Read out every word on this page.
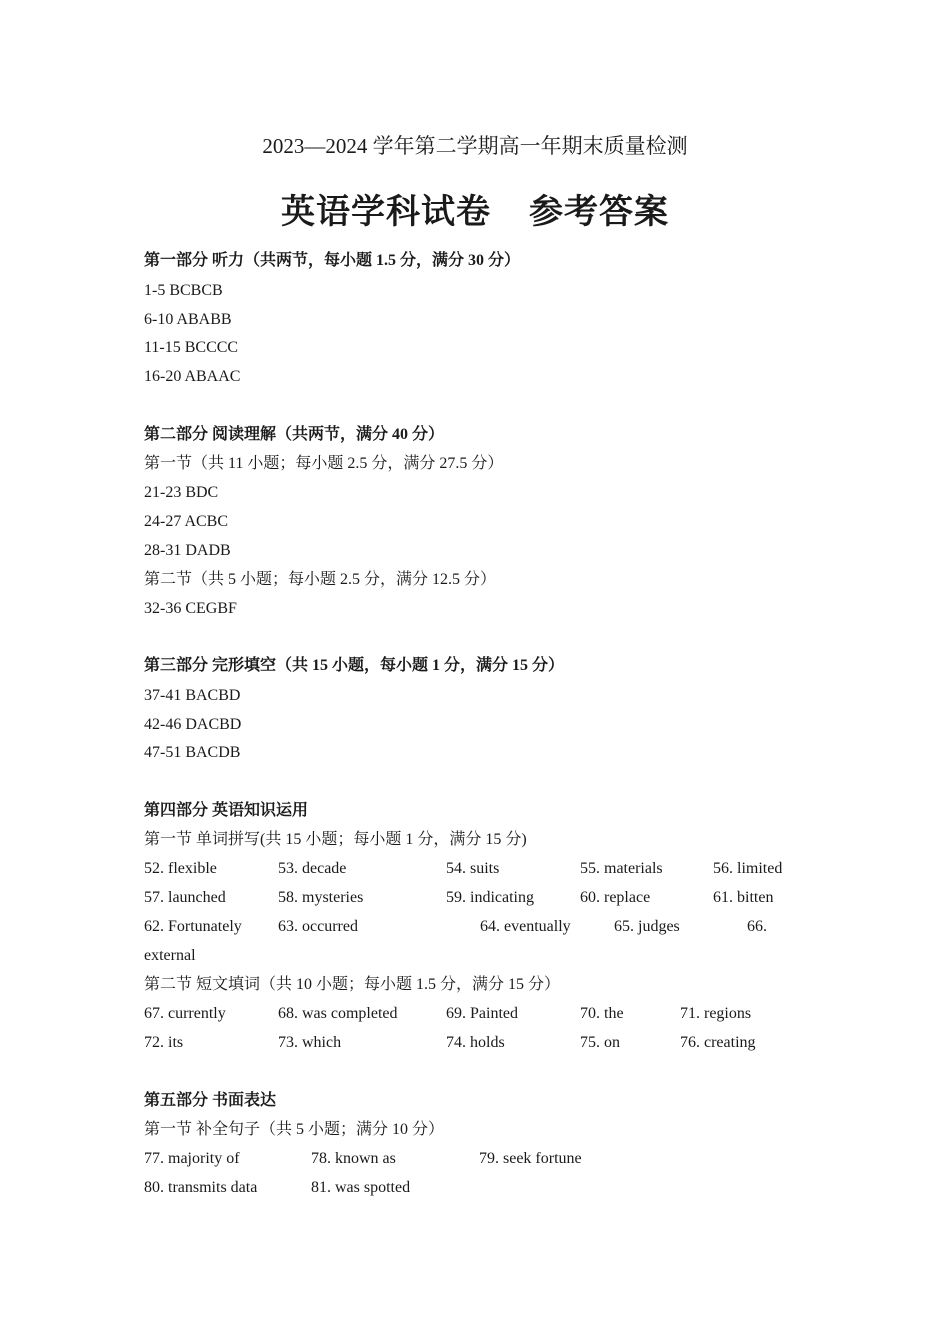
2023—2024 学年第二学期高一年期末质量检测
英语学科试卷 参考答案
第一部分 听力（共两节，每小题 1.5 分，满分 30 分）
1-5 BCBCB
6-10 ABABB
11-15 BCCCC
16-20 ABAAC
第二部分 阅读理解（共两节，满分 40 分）
第一节（共 11 小题；每小题 2.5 分，满分 27.5 分）
21-23 BDC
24-27 ACBC
28-31 DADB
第二节（共 5 小题；每小题 2.5 分，满分 12.5 分）
32-36 CEGBF
第三部分 完形填空（共 15 小题，每小题 1 分，满分 15 分）
37-41 BACBD
42-46 DACBD
47-51 BACDB
第四部分 英语知识运用
第一节 单词拼写(共 15 小题；每小题 1 分，满分 15 分)
52. flexible	53. decade	54. suits	55. materials	56. limited
57. launched	58. mysteries	59. indicating	60. replace	61. bitten
62. Fortunately 63. occurred	64. eventually	65. judges	66.
external
第二节 短文填词（共 10 小题；每小题 1.5 分，满分 15 分）
67. currently	68. was completed	69. Painted	70. the	71. regions
72. its	73. which	74. holds	75. on	76. creating
第五部分 书面表达
第一节 补全句子（共 5 小题；满分 10 分）
77. majority of	78. known as	79. seek fortune
80. transmits data	81. was spotted
